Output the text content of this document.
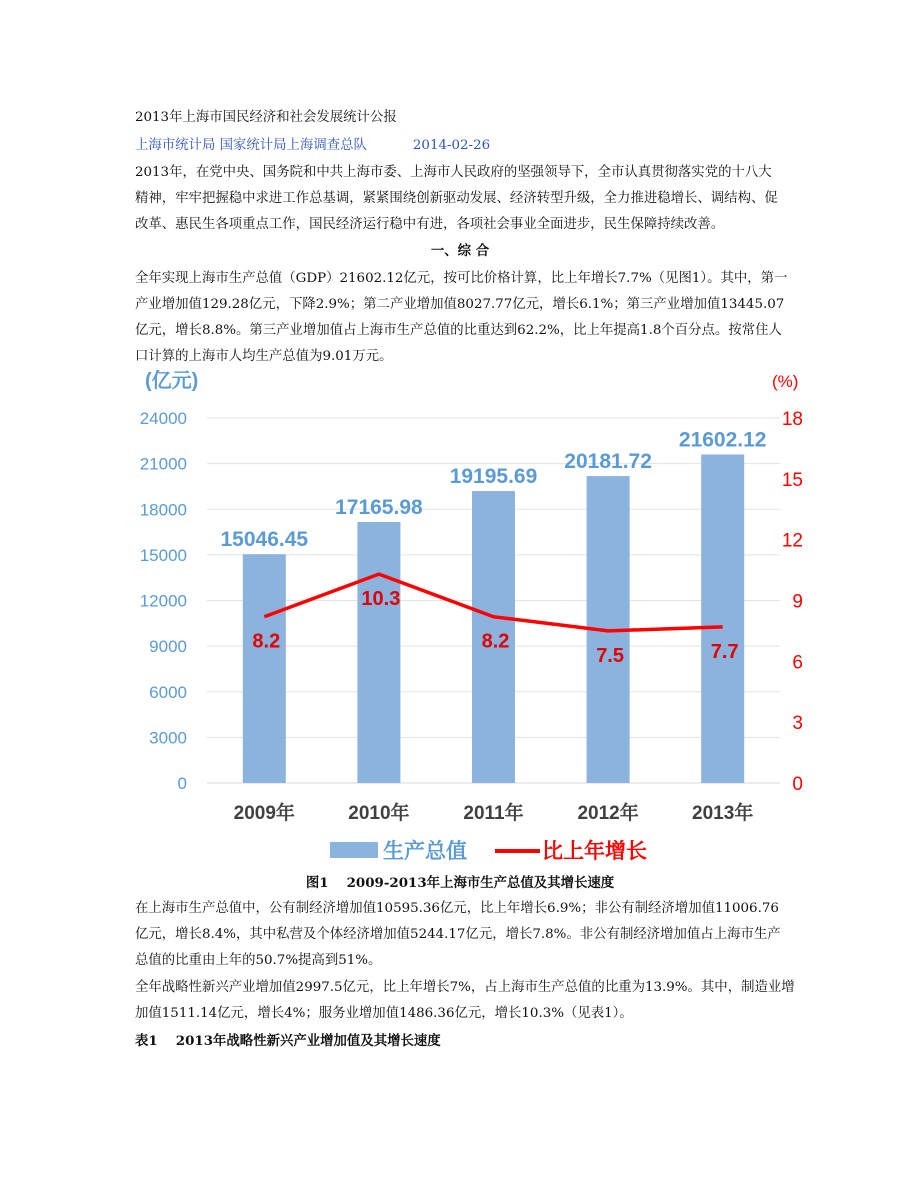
2013年上海市国民经济和社会发展统计公报
上海市统计局 国家统计局上海调查总队	2014-02-26
2013年，在党中央、国务院和中共上海市委、上海市人民政府的坚强领导下，全市认真贯彻落实党的十八大
精神，牢牢把握稳中求进工作总基调，紧紧围绕创新驱动发展、经济转型升级，全力推进稳增长、调结构、促
改革、惠民生各项重点工作，国民经济运行稳中有进，各项社会事业全面进步，民生保障持续改善。
一、综 合
全年实现上海市生产总值（GDP）21602.12亿元，按可比价格计算，比上年增长7.7%（见图1）。其中，第一
产业增加值129.28亿元，下降2.9%；第二产业增加值8027.77亿元，增长6.1%；第三产业增加值13445.07
亿元，增长8.8%。第三产业增加值占上海市生产总值的比重达到62.2%，比上年提高1.8个百分点。按常住人
口计算的上海市人均生产总值为9.01万元。
15046.45
17165.98
19195.69
20181.72
21602.12
8.2
10.3
8.2
7.5	7.7
0
3000
6000
9000
12000
15000
18000
21000
24000
0
3
6
9
12
15
18
2009年	2010年	2011年	2012年	2013年
(亿元)	(%)
生产总值	比上年增长
图1　 2009-2013年上海市生产总值及其增长速度
在上海市生产总值中，公有制经济增加值10595.36亿元，比上年增长6.9%；非公有制经济增加值11006.76
亿元，增长8.4%，其中私营及个体经济增加值5244.17亿元，增长7.8%。非公有制经济增加值占上海市生产
总值的比重由上年的50.7%提高到51%。
全年战略性新兴产业增加值2997.5亿元，比上年增长7%，占上海市生产总值的比重为13.9%。其中，制造业增
加值1511.14亿元，增长4%；服务业增加值1486.36亿元，增长10.3%（见表1）。
表1　 2013年战略性新兴产业增加值及其增长速度
